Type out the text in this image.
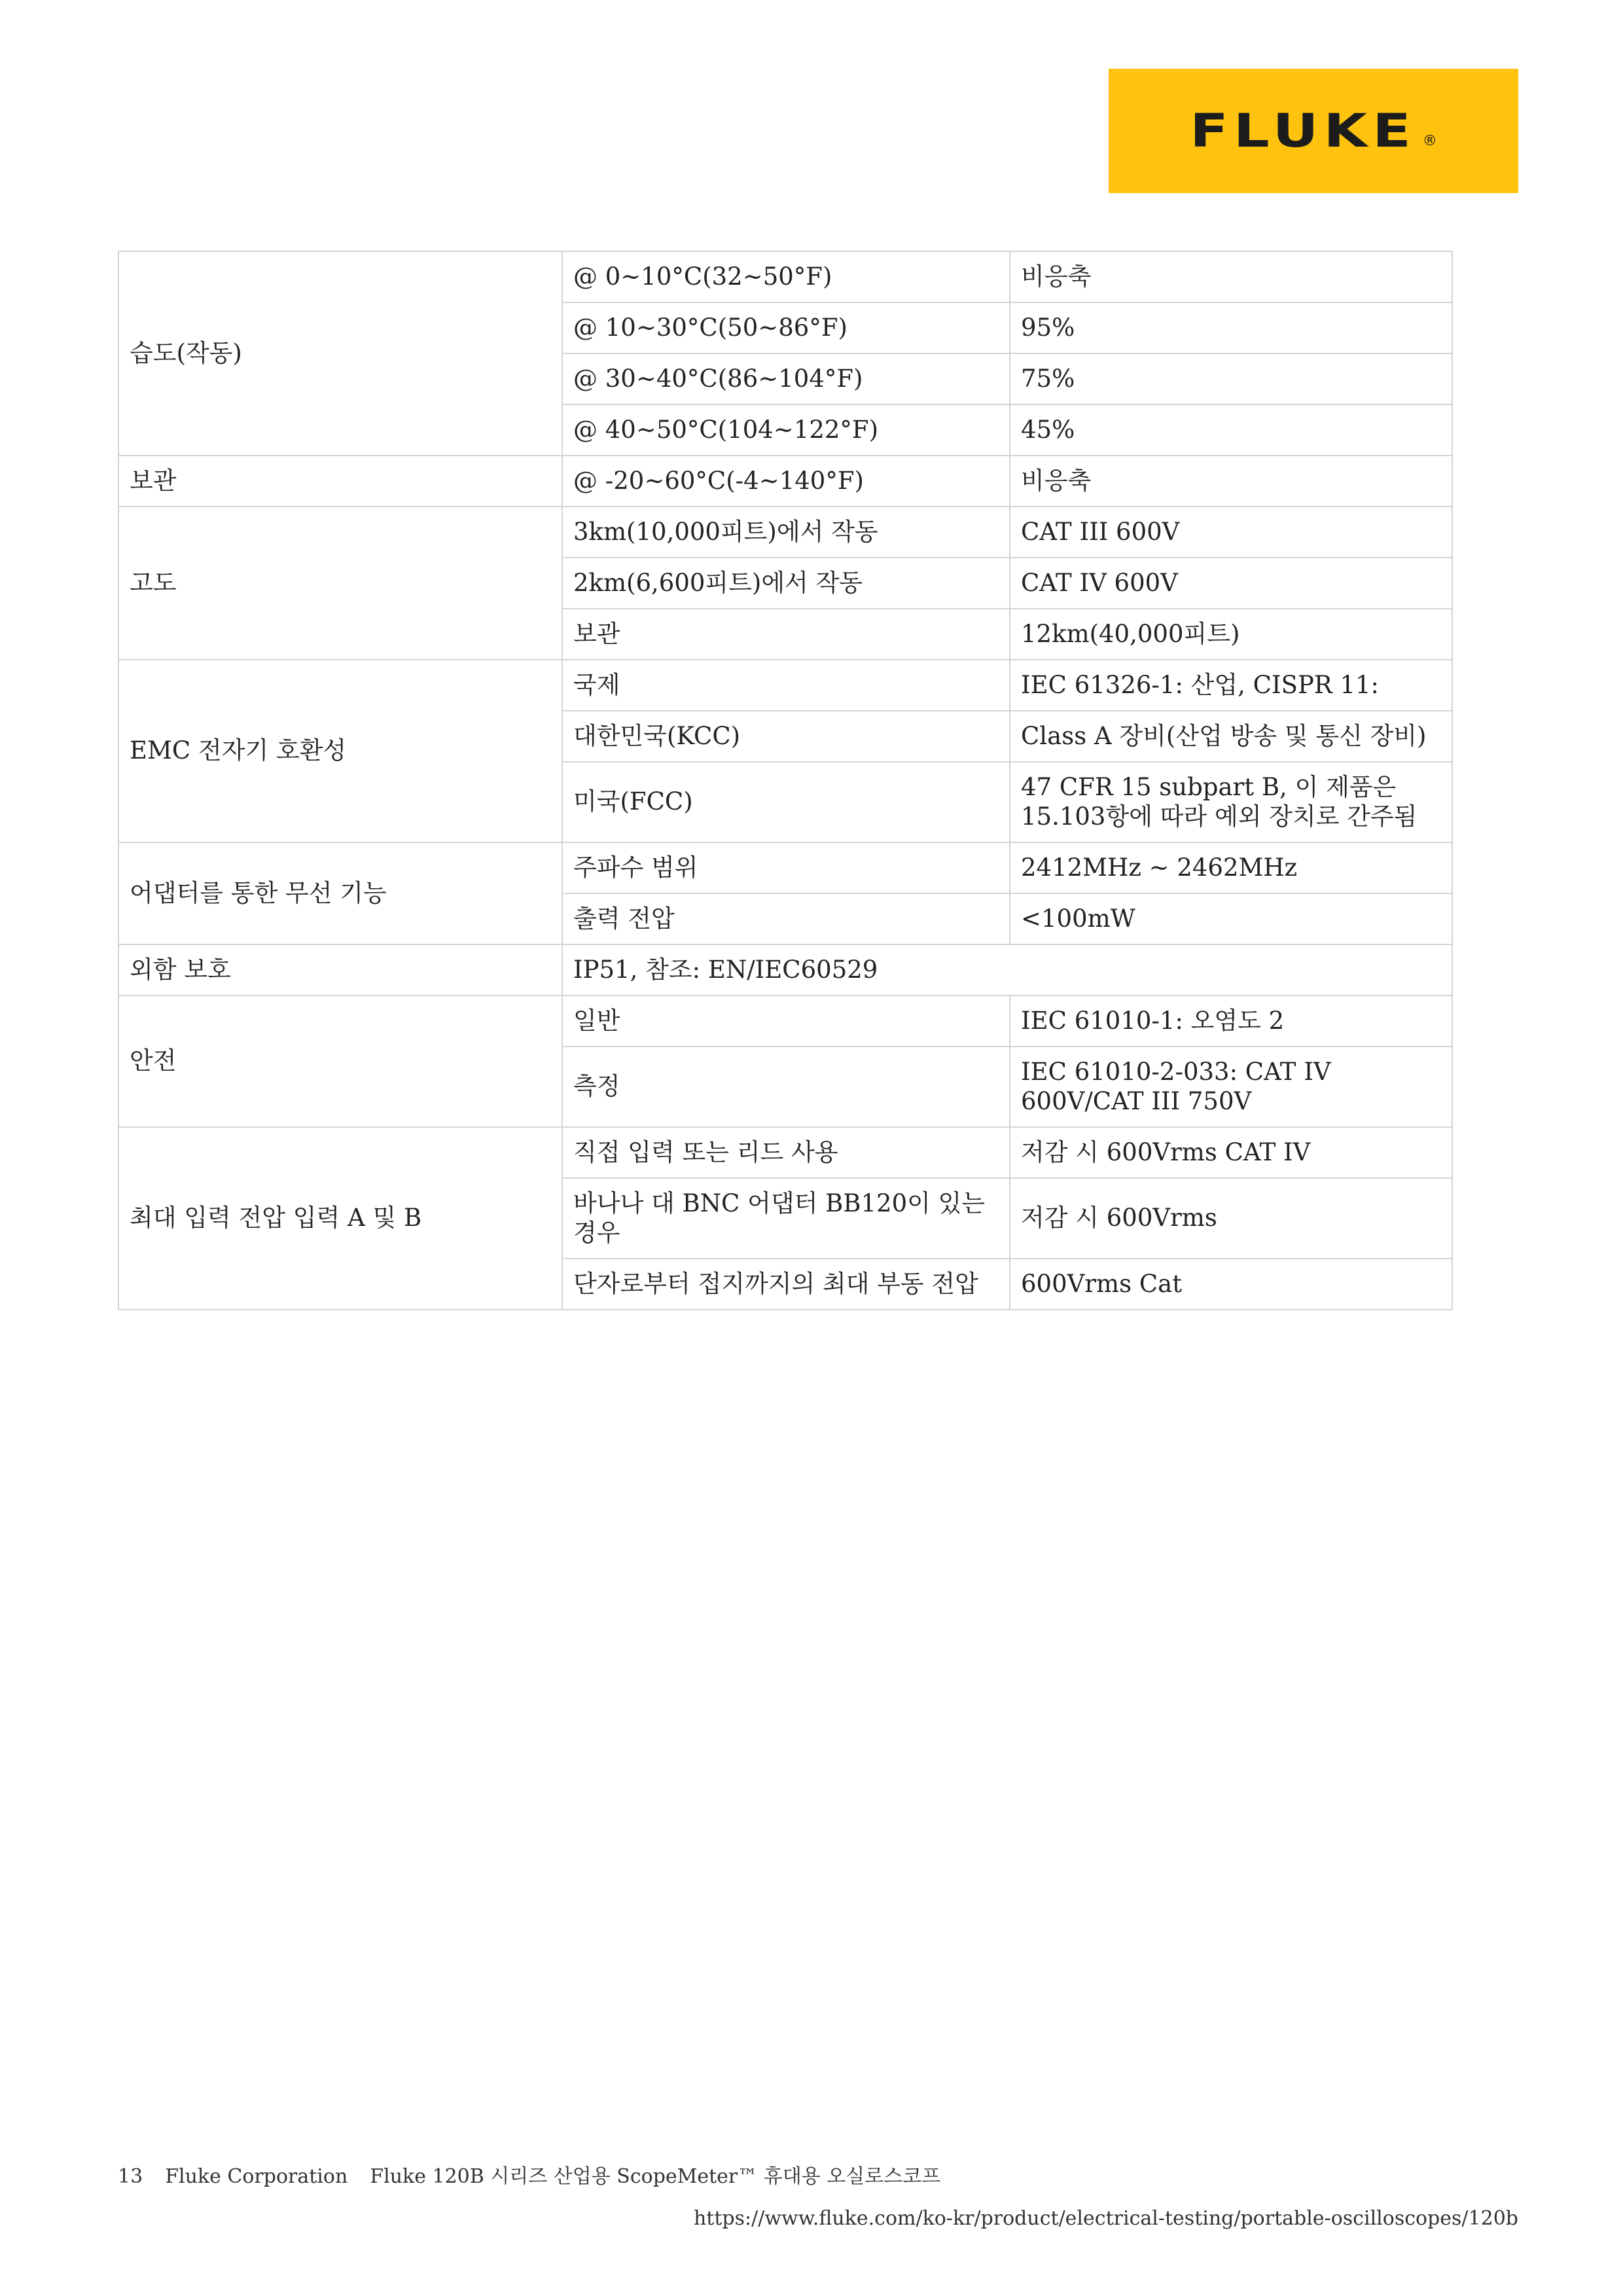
FLUKE ®
습도(작동)	@ 0~10°C(32~50°F)	비응축
	@ 10~30°C(50~86°F)	95%
	@ 30~40°C(86~104°F)	75%
	@ 40~50°C(104~122°F)	45%
보관	@ -20~60°C(-4~140°F)	비응축
고도	3km(10,000피트)에서 작동	CAT III 600V
	2km(6,600피트)에서 작동	CAT IV 600V
	보관	12km(40,000피트)
EMC 전자기 호환성	국제	IEC 61326-1: 산업, CISPR 11:
	대한민국(KCC)	Class A 장비(산업 방송 및 통신 장비)
	미국(FCC)	47 CFR 15 subpart B, 이 제품은 15.103항에 따라 예외 장치로 간주됨
어댑터를 통한 무선 기능	주파수 범위	2412MHz ~ 2462MHz
	출력 전압	<100mW
외함 보호	IP51, 참조: EN/IEC60529	
안전	일반	IEC 61010-1: 오염도 2
	측정	IEC 61010-2-033: CAT IV 600V/CAT III 750V
최대 입력 전압 입력 A 및 B	직접 입력 또는 리드 사용	저감 시 600Vrms CAT IV
	바나나 대 BNC 어댑터 BB120이 있는 경우	저감 시 600Vrms
	단자로부터 접지까지의 최대 부동 전압	600Vrms Cat
13 Fluke Corporation Fluke 120B 시리즈 산업용 ScopeMeter™ 휴대용 오실로스코프
https://www.fluke.com/ko-kr/product/electrical-testing/portable-oscilloscopes/120b
